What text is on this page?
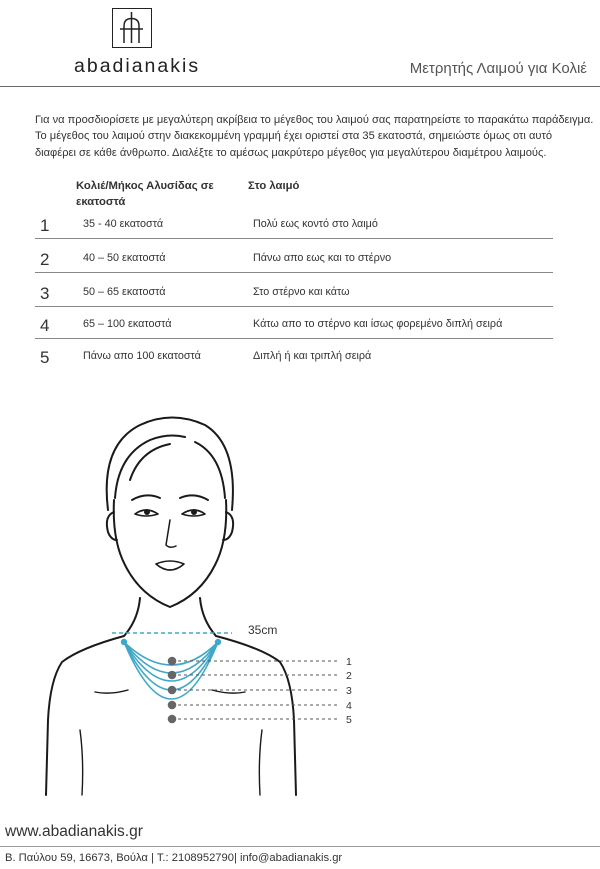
abadianakis	Μετρητής Λαιμού για Κολιέ

Για να προσδιορίσετε με μεγαλύτερη ακρίβεια το μέγεθος του λαιμού σας παρατηρείστε το παρακάτω παράδειγμα.

Το μέγεθος του λαιμού στην διακεκομμένη γραμμή έχει οριστεί στα 35 εκατοστά, σημειώστε όμως οτι αυτό

διαφέρει σε κάθε άνθρωπο. Διαλέξτε το αμέσως μακρύτερο μέγεθος για μεγαλύτερου διαμέτρου λαιμούς.

Κολιέ/Μήκος Αλυσίδας σε εκατοστά
Στο λαιμό
1	35 - 40 εκατοστά	Πολύ εως κοντό στο λαιμό
2	40 – 50 εκατοστά	Πάνω απο εως και το στέρνο
3	50 – 65 εκατοστά	Στο στέρνο και κάτω
4	65 – 100 εκατοστά	Κάτω απο το στέρνο και ίσως φορεμένο διπλή σειρά
5	Πάνω απο 100 εκατοστά	Διπλή ή και τριπλή σειρά
35cm
1
2
3
4
5
www.abadianakis.gr
Β. Παύλου 59, 16673, Βούλα | Τ.: 2108952790| info@abadianakis.gr
